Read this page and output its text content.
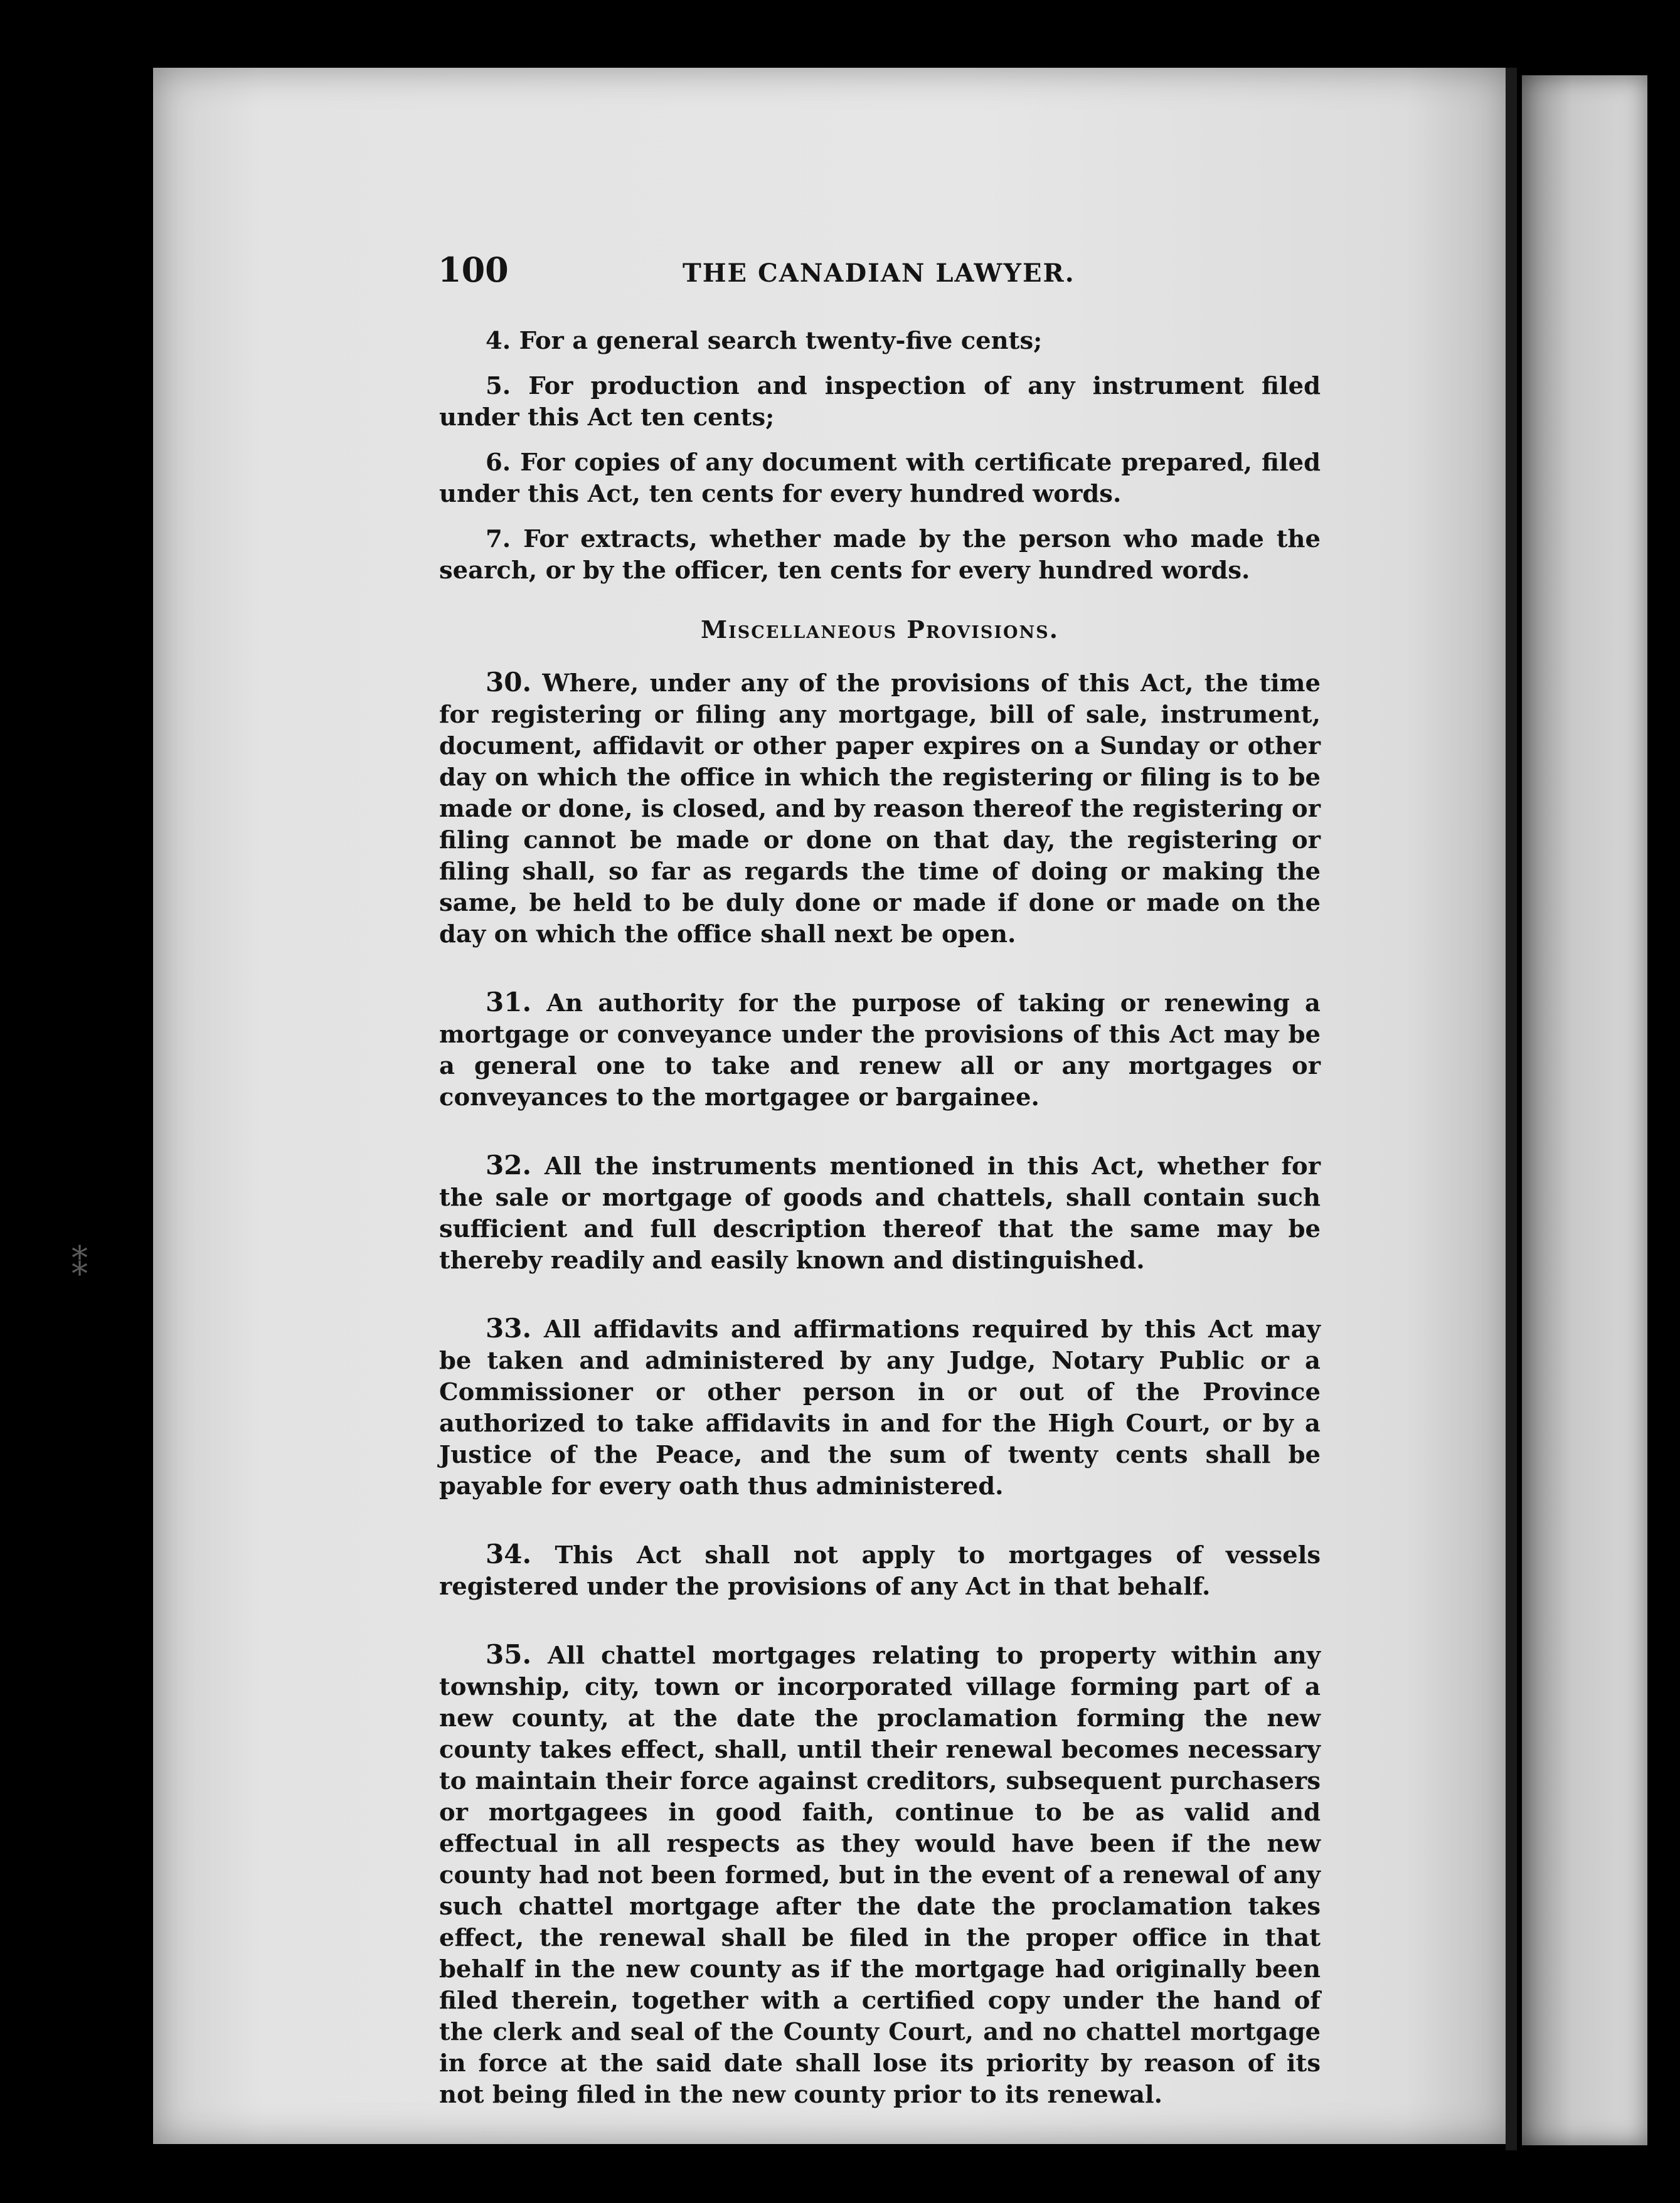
⁑
100	THE CANADIAN LAWYER.

4. For a general search twenty-five cents;

5. For production and inspection of any instrument filed under this Act ten cents;

6. For copies of any document with certificate prepared, filed under this Act, ten cents for every hundred words.

7. For extracts, whether made by the person who made the search, or by the officer, ten cents for every hundred words.

Miscellaneous Provisions.

30. Where, under any of the provisions of this Act, the time for registering or filing any mortgage, bill of sale, instrument, document, affidavit or other paper expires on a Sunday or other day on which the office in which the registering or filing is to be made or done, is closed, and by reason thereof the registering or filing cannot be made or done on that day, the registering or filing shall, so far as regards the time of doing or making the same, be held to be duly done or made if done or made on the day on which the office shall next be open.

31. An authority for the purpose of taking or renewing a mortgage or conveyance under the provisions of this Act may be a general one to take and renew all or any mortgages or conveyances to the mortgagee or bargainee.

32. All the instruments mentioned in this Act, whether for the sale or mortgage of goods and chattels, shall contain such sufficient and full description thereof that the same may be thereby readily and easily known and distinguished.

33. All affidavits and affirmations required by this Act may be taken and administered by any Judge, Notary Public or a Commissioner or other person in or out of the Province authorized to take affidavits in and for the High Court, or by a Justice of the Peace, and the sum of twenty cents shall be payable for every oath thus administered.

34. This Act shall not apply to mortgages of vessels registered under the provisions of any Act in that behalf.

35. All chattel mortgages relating to property within any township, city, town or incorporated village forming part of a new county, at the date the proclamation forming the new county takes effect, shall, until their renewal becomes necessary to maintain their force against creditors, subsequent purchasers or mortgagees in good faith, continue to be as valid and effectual in all respects as they would have been if the new county had not been formed, but in the event of a renewal of any such chattel mortgage after the date the proclamation takes effect, the renewal shall be filed in the proper office in that behalf in the new county as if the mortgage had originally been filed therein, together with a certified copy under the hand of the clerk and seal of the County Court, and no chattel mortgage in force at the said date shall lose its priority by reason of its not being filed in the new county prior to its renewal.
